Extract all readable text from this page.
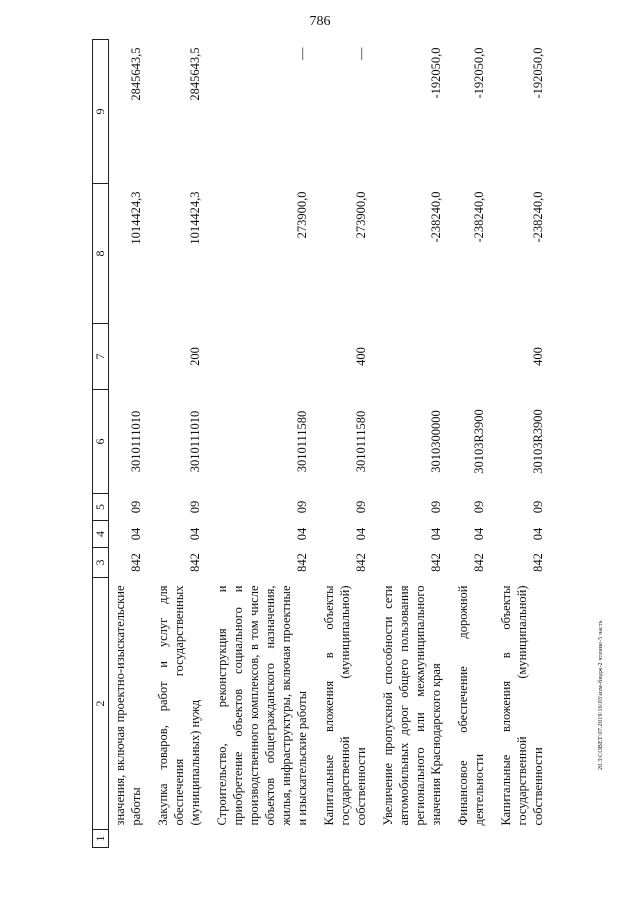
786
20.3\СОВЕТ\07.2019\16\03\изм-бюдж-2 чтение-5 часть
1	2	3	4	5	6	7	8	9
	значения, включая проектно-изыскательские работы	842	04	09	3010111010		1014424,3	2845643,5
	Закупка товаров, работ и услуг для обеспечения государственных (муниципальных) нужд	842	04	09	3010111010	200	1014424,3	2845643,5
	Строительство, реконструкция и приобретение объектов социального и производственного комплексов, в том числе объектов общегражданского назначения, жилья, инфраструктуры, включая проектные и изыскательские работы	842	04	09	3010111580		273900,0	—
	Капитальные вложения в объекты государственной (муниципальной) собственности	842	04	09	3010111580	400	273900,0	—
	Увеличение пропускной способности сети автомобильных дорог общего пользования регионального или межмуниципального значения Краснодарского края	842	04	09	3010300000		-238240,0	-192050,0
	Финансовое обеспечение дорожной деятельности	842	04	09	30103R3900		-238240,0	-192050,0
	Капитальные вложения в объекты государственной (муниципальной) собственности	842	04	09	30103R3900	400	-238240,0	-192050,0
